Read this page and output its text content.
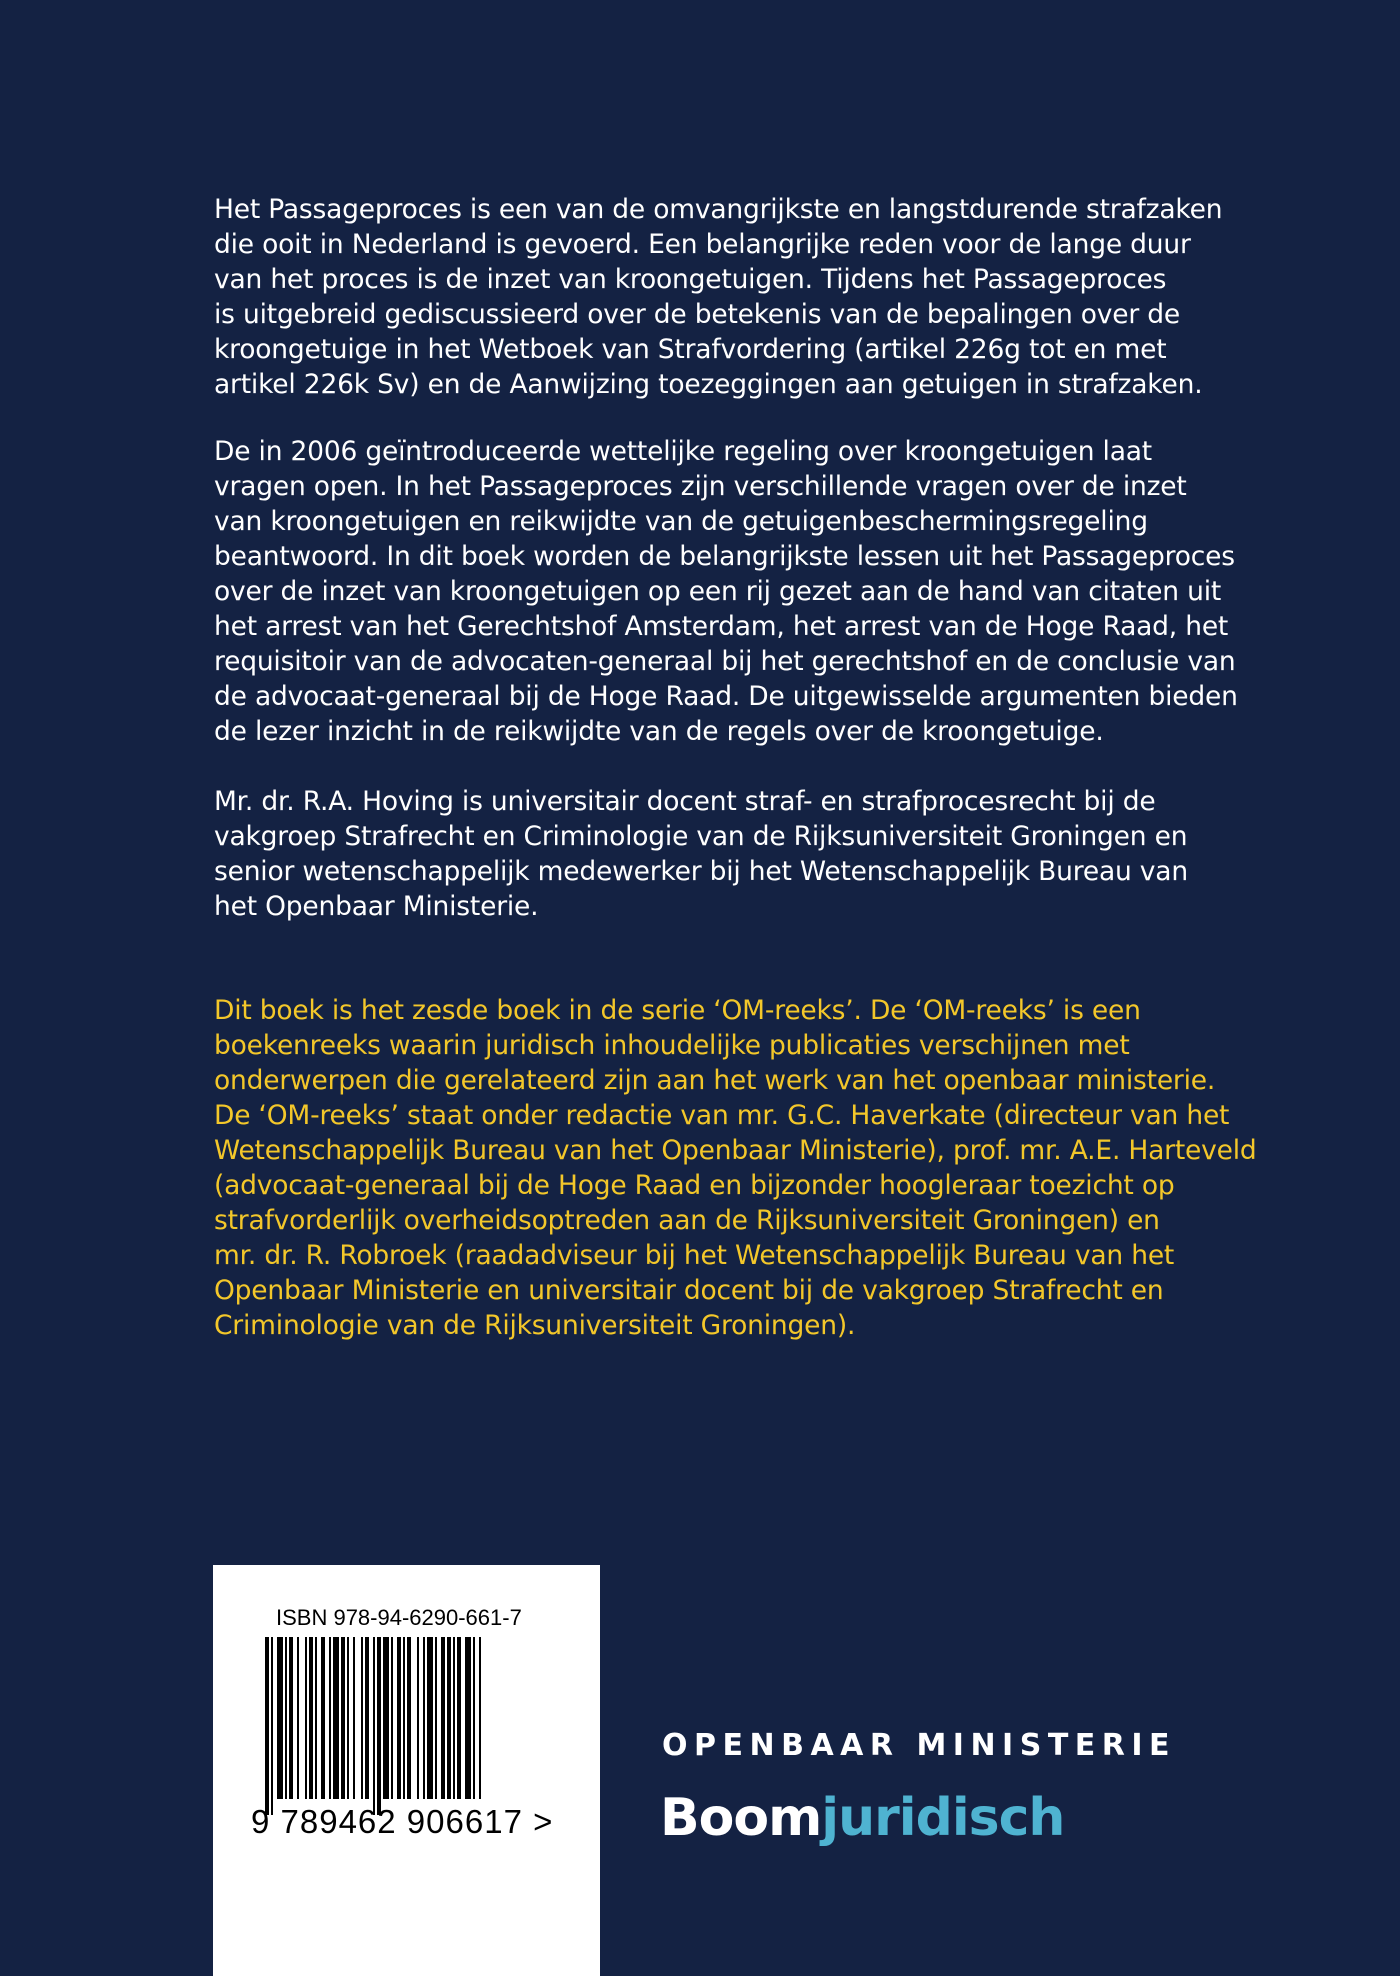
Het Passageproces is een van de omvangrijkste en langstdurende strafzaken
die ooit in Nederland is gevoerd. Een belangrijke reden voor de lange duur
van het proces is de inzet van kroongetuigen. Tijdens het Passageproces
is uitgebreid gediscussieerd over de betekenis van de bepalingen over de
kroongetuige in het Wetboek van Strafvordering (artikel 226g tot en met
artikel 226k Sv) en de Aanwijzing toezeggingen aan getuigen in strafzaken.
De in 2006 geïntroduceerde wettelijke regeling over kroongetuigen laat
vragen open. In het Passageproces zijn verschillende vragen over de inzet
van kroongetuigen en reikwijdte van de getuigenbeschermingsregeling
beantwoord. In dit boek worden de belangrijkste lessen uit het Passageproces
over de inzet van kroongetuigen op een rij gezet aan de hand van citaten uit
het arrest van het Gerechtshof Amsterdam, het arrest van de Hoge Raad, het
requisitoir van de advocaten-generaal bij het gerechtshof en de conclusie van
de advocaat-generaal bij de Hoge Raad. De uitgewisselde argumenten bieden
de lezer inzicht in de reikwijdte van de regels over de kroongetuige.
Mr. dr. R.A. Hoving is universitair docent straf- en strafprocesrecht bij de
vakgroep Strafrecht en Criminologie van de Rijksuniversiteit Groningen en
senior wetenschappelijk medewerker bij het Wetenschappelijk Bureau van
het Openbaar Ministerie.
Dit boek is het zesde boek in de serie ‘OM-reeks’. De ‘OM-reeks’ is een
boekenreeks waarin juridisch inhoudelijke publicaties verschijnen met
onderwerpen die gerelateerd zijn aan het werk van het openbaar ministerie.
De ‘OM-reeks’ staat onder redactie van mr. G.C. Haverkate (directeur van het
Wetenschappelijk Bureau van het Openbaar Ministerie), prof. mr. A.E. Harteveld
(advocaat-generaal bij de Hoge Raad en bijzonder hoogleraar toezicht op
strafvorderlijk overheidsoptreden aan de Rijksuniversiteit Groningen) en
mr. dr. R. Robroek (raadadviseur bij het Wetenschappelijk Bureau van het
Openbaar Ministerie en universitair docent bij de vakgroep Strafrecht en
Criminologie van de Rijksuniversiteit Groningen).
ISBN 978-94-6290-661-7
9 789462 906617 >
OPENBAAR MINISTERIE
Boomjuridisch
